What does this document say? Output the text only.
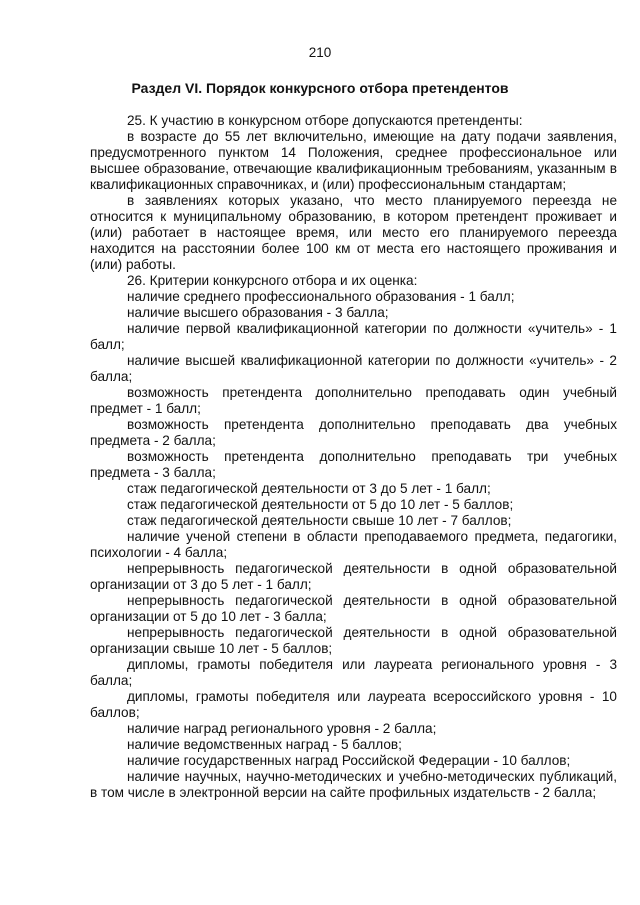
210
Раздел VI. Порядок конкурсного отбора претендентов

25. К участию в конкурсном отборе допускаются претенденты:

в возрасте до 55 лет включительно, имеющие на дату подачи заявления, предусмотренного пунктом 14 Положения, среднее профессиональное или высшее образование, отвечающие квалификационным требованиям, указанным в квалификационных справочниках, и (или) профессиональным стандартам;

в заявлениях которых указано, что место планируемого переезда не относится к муниципальному образованию, в котором претендент проживает и (или) работает в настоящее время, или место его планируемого переезда находится на расстоянии более 100 км от места его настоящего проживания и (или) работы.

26. Критерии конкурсного отбора и их оценка:

наличие среднего профессионального образования - 1 балл;

наличие высшего образования - 3 балла;

наличие первой квалификационной категории по должности «учитель» - 1 балл;

наличие высшей квалификационной категории по должности «учитель» - 2 балла;

возможность претендента дополнительно преподавать один учебный предмет - 1 балл;

возможность претендента дополнительно преподавать два учебных предмета - 2 балла;

возможность претендента дополнительно преподавать три учебных предмета - 3 балла;

стаж педагогической деятельности от 3 до 5 лет - 1 балл;

стаж педагогической деятельности от 5 до 10 лет - 5 баллов;

стаж педагогической деятельности свыше 10 лет - 7 баллов;

наличие ученой степени в области преподаваемого предмета, педагогики, психологии - 4 балла;

непрерывность педагогической деятельности в одной образовательной организации от 3 до 5 лет - 1 балл;

непрерывность педагогической деятельности в одной образовательной организации от 5 до 10 лет - 3 балла;

непрерывность педагогической деятельности в одной образовательной организации свыше 10 лет - 5 баллов;

дипломы, грамоты победителя или лауреата регионального уровня - 3 балла;

дипломы, грамоты победителя или лауреата всероссийского уровня - 10 баллов;

наличие наград регионального уровня - 2 балла;

наличие ведомственных наград - 5 баллов;

наличие государственных наград Российской Федерации - 10 баллов;

наличие научных, научно-методических и учебно-методических публикаций, в том числе в электронной версии на сайте профильных издательств - 2 балла;
